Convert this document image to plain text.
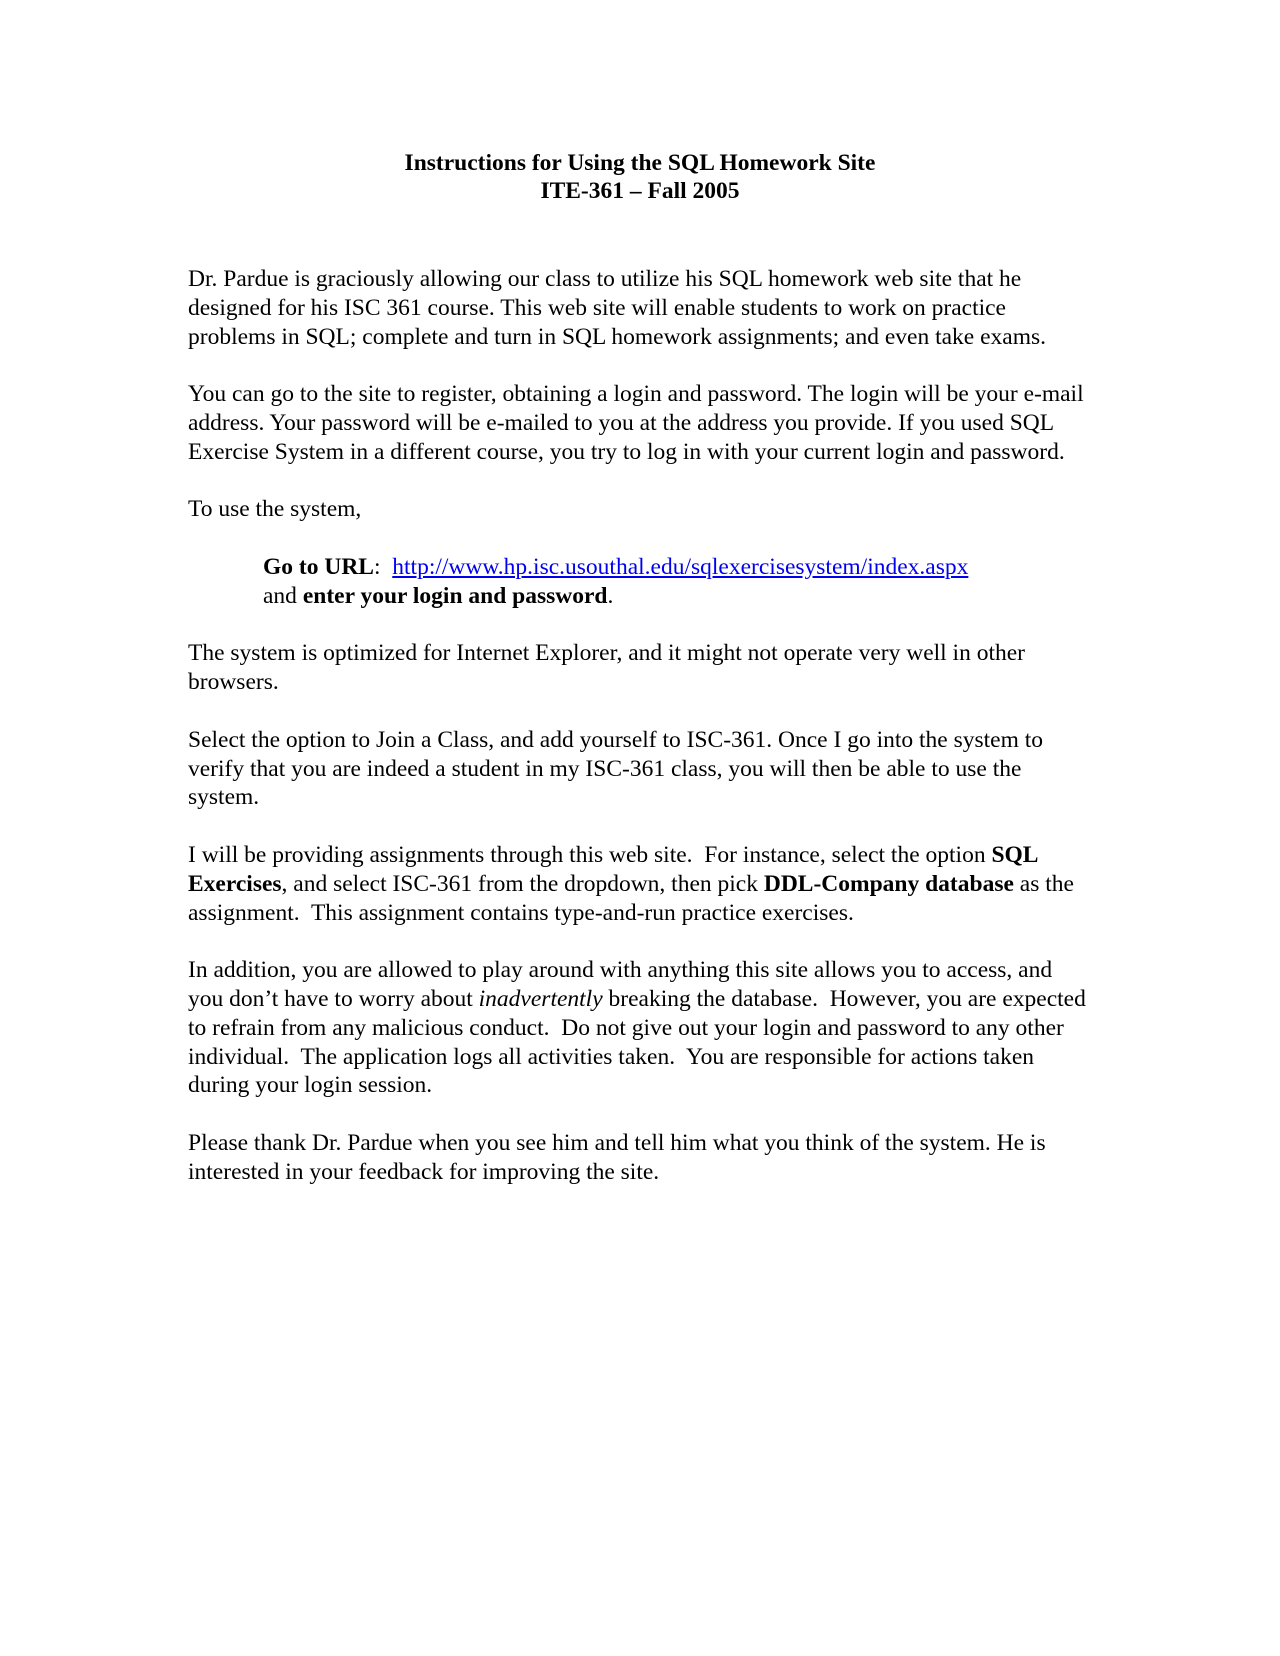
Instructions for Using the SQL Homework Site
ITE-361 – Fall 2005

Dr. Pardue is graciously allowing our class to utilize his SQL homework web site that he designed for his ISC 361 course. This web site will enable students to work on practice problems in SQL; complete and turn in SQL homework assignments; and even take exams.

You can go to the site to register, obtaining a login and password. The login will be your e-mail address. Your password will be e-mailed to you at the address you provide. If you used SQL Exercise System in a different course, you try to log in with your current login and password.

To use the system,

Go to URL:  http://www.hp.isc.usouthal.edu/sqlexercisesystem/index.aspx
and enter your login and password.

The system is optimized for Internet Explorer, and it might not operate very well in other browsers.

Select the option to Join a Class, and add yourself to ISC-361. Once I go into the system to verify that you are indeed a student in my ISC-361 class, you will then be able to use the system.

I will be providing assignments through this web site.  For instance, select the option SQL Exercises, and select ISC-361 from the dropdown, then pick DDL-Company database as the assignment.  This assignment contains type-and-run practice exercises.

In addition, you are allowed to play around with anything this site allows you to access, and you don’t have to worry about inadvertently breaking the database.  However, you are expected to refrain from any malicious conduct.  Do not give out your login and password to any other individual.  The application logs all activities taken.  You are responsible for actions taken during your login session.

Please thank Dr. Pardue when you see him and tell him what you think of the system. He is interested in your feedback for improving the site.
